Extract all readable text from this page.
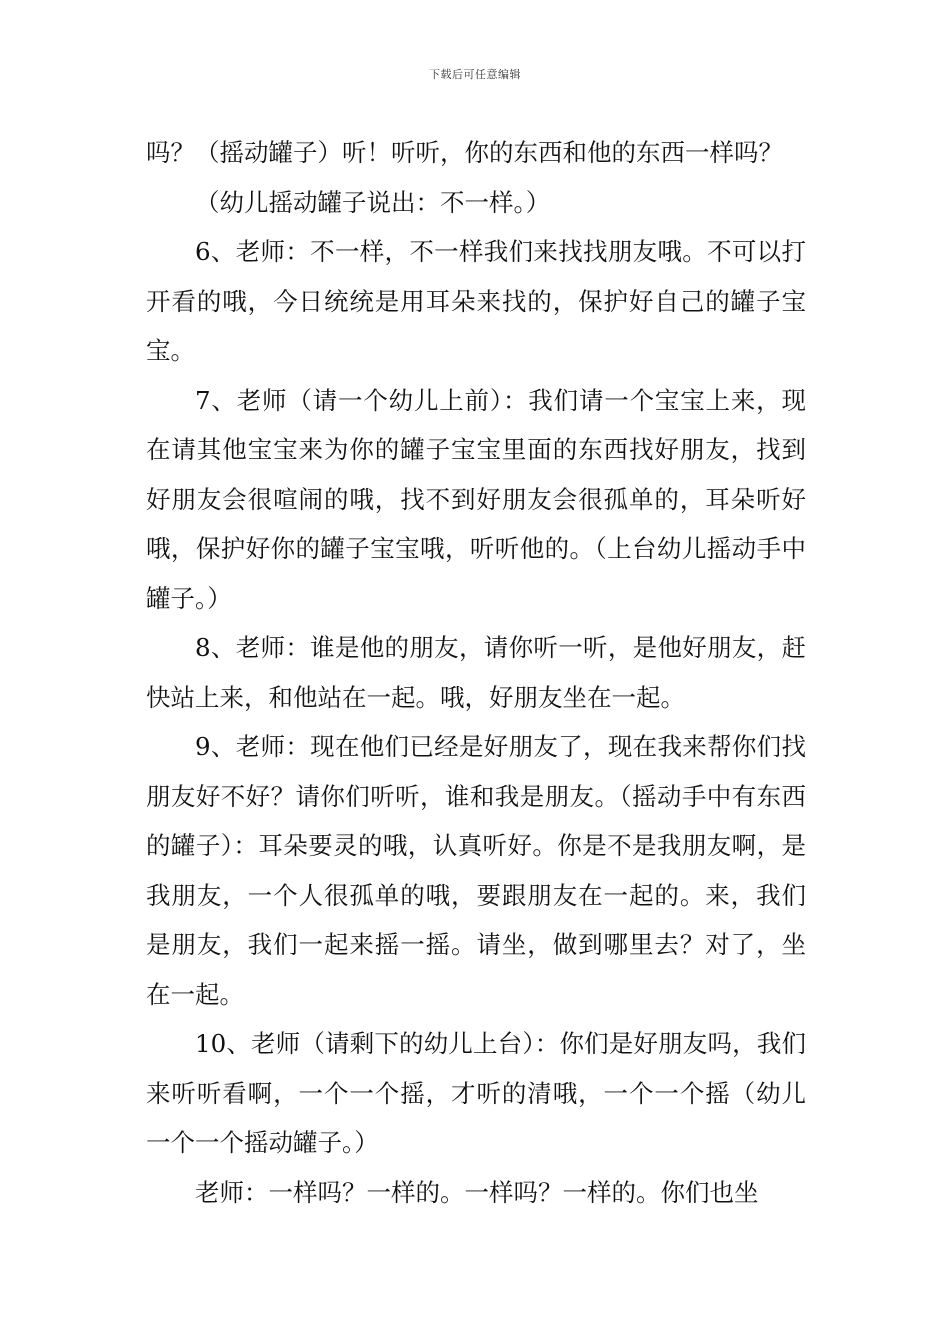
下载后可任意编辑

吗？（摇动罐子）听！听听，你的东西和他的东西一样吗？

（幼儿摇动罐子说出：不一样。）

6、老师：不一样，不一样我们来找找朋友哦。不可以打开看的哦，今日统统是用耳朵来找的，保护好自己的罐子宝宝。

7、老师（请一个幼儿上前）：我们请一个宝宝上来，现在请其他宝宝来为你的罐子宝宝里面的东西找好朋友，找到好朋友会很喧闹的哦，找不到好朋友会很孤单的，耳朵听好哦，保护好你的罐子宝宝哦，听听他的。（上台幼儿摇动手中罐子。）

8、老师：谁是他的朋友，请你听一听，是他好朋友，赶快站上来，和他站在一起。哦，好朋友坐在一起。

9、老师：现在他们已经是好朋友了，现在我来帮你们找朋友好不好？请你们听听，谁和我是朋友。（摇动手中有东西的罐子）：耳朵要灵的哦，认真听好。你是不是我朋友啊，是我朋友，一个人很孤单的哦，要跟朋友在一起的。来，我们是朋友，我们一起来摇一摇。请坐，做到哪里去？对了，坐在一起。

10、老师（请剩下的幼儿上台）：你们是好朋友吗，我们来听听看啊，一个一个摇，才听的清哦，一个一个摇（幼儿一个一个摇动罐子。）

老师：一样吗？一样的。一样吗？一样的。你们也坐
